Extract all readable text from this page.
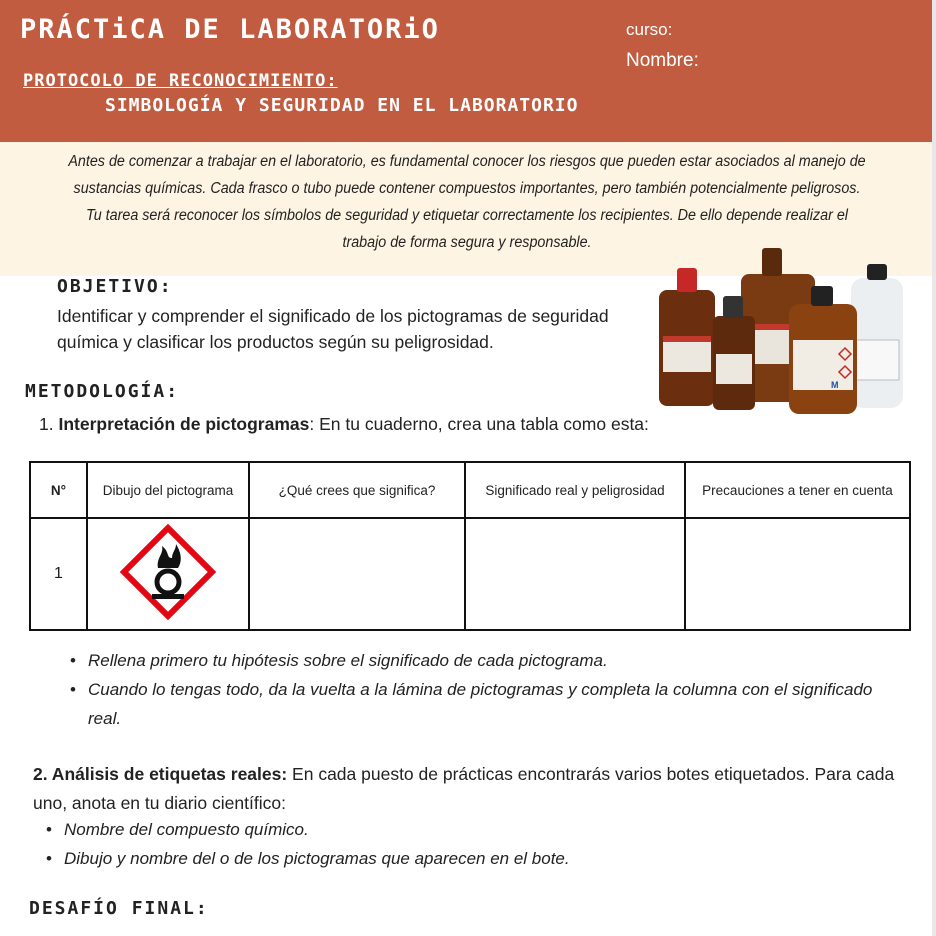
PRÁCTiCA DE LABORATORiO	curso:
Nombre:
PROTOCOLO DE RECONOCIMIENTO:
SIMBOLOGÍA Y SEGURIDAD EN EL LABORATORIO

Antes de comenzar a trabajar en el laboratorio, es fundamental conocer los riesgos que pueden estar asociados al manejo de sustancias químicas. Cada frasco o tubo puede contener compuestos importantes, pero también potencialmente peligrosos. Tu tarea será reconocer los símbolos de seguridad y etiquetar correctamente los recipientes. De ello depende realizar el trabajo de forma segura y responsable.

OBJETIVO:
Identificar y comprender el significado de los pictogramas de seguridad química y clasificar los productos según su peligrosidad.
M
METODOLOGÍA:
1. Interpretación de pictogramas: En tu cuaderno, crea una tabla como esta:
N°	Dibujo del pictograma	¿Qué crees que significa?	Significado real y peligrosidad	Precauciones a tener en cuenta
1				
• Rellena primero tu hipótesis sobre el significado de cada pictograma.
• Cuando lo tengas todo, da la vuelta a la lámina de pictogramas y completa la columna con el significado real.
2. Análisis de etiquetas reales: En cada puesto de prácticas encontrarás varios botes etiquetados. Para cada uno, anota en tu diario científico:
• Nombre del compuesto químico.
• Dibujo y nombre del o de los pictogramas que aparecen en el bote.
DESAFÍO FINAL:
